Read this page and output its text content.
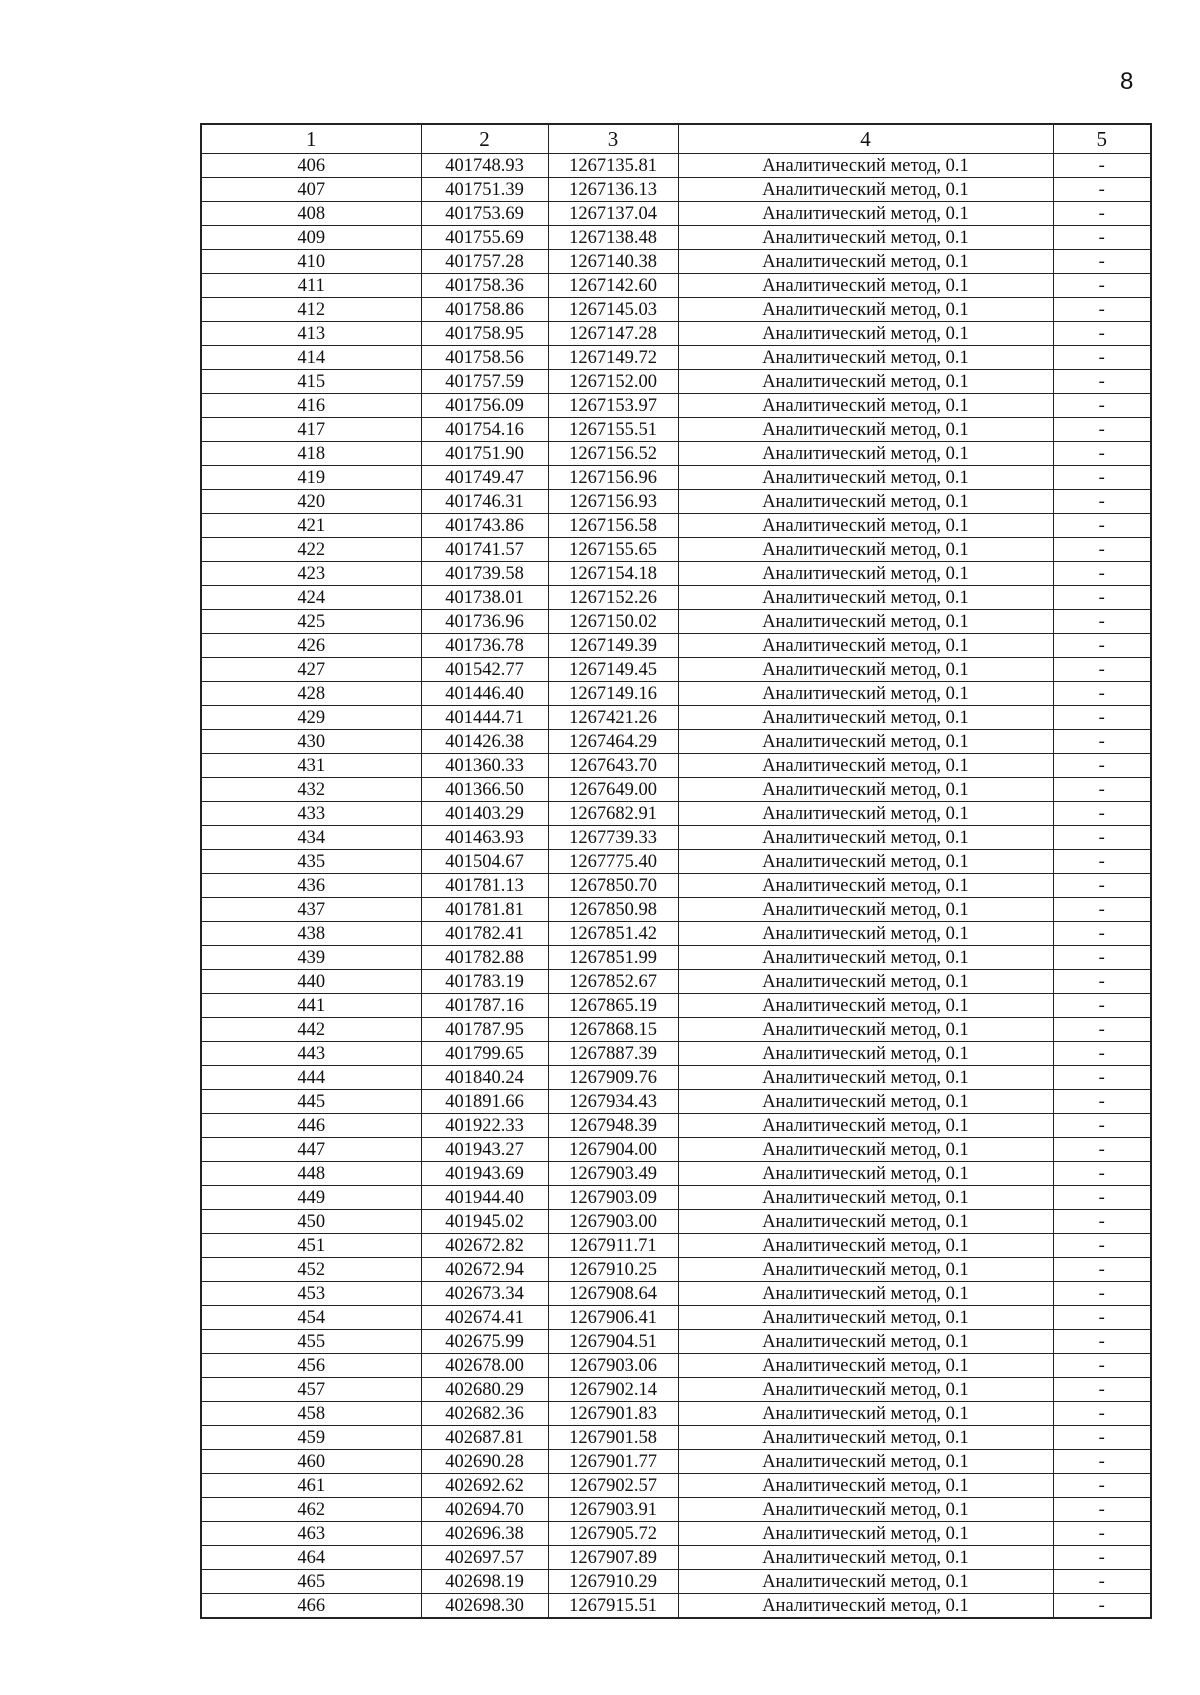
8
1	2	3	4	5
406	401748.93	1267135.81	Аналитический метод, 0.1	-
407	401751.39	1267136.13	Аналитический метод, 0.1	-
408	401753.69	1267137.04	Аналитический метод, 0.1	-
409	401755.69	1267138.48	Аналитический метод, 0.1	-
410	401757.28	1267140.38	Аналитический метод, 0.1	-
411	401758.36	1267142.60	Аналитический метод, 0.1	-
412	401758.86	1267145.03	Аналитический метод, 0.1	-
413	401758.95	1267147.28	Аналитический метод, 0.1	-
414	401758.56	1267149.72	Аналитический метод, 0.1	-
415	401757.59	1267152.00	Аналитический метод, 0.1	-
416	401756.09	1267153.97	Аналитический метод, 0.1	-
417	401754.16	1267155.51	Аналитический метод, 0.1	-
418	401751.90	1267156.52	Аналитический метод, 0.1	-
419	401749.47	1267156.96	Аналитический метод, 0.1	-
420	401746.31	1267156.93	Аналитический метод, 0.1	-
421	401743.86	1267156.58	Аналитический метод, 0.1	-
422	401741.57	1267155.65	Аналитический метод, 0.1	-
423	401739.58	1267154.18	Аналитический метод, 0.1	-
424	401738.01	1267152.26	Аналитический метод, 0.1	-
425	401736.96	1267150.02	Аналитический метод, 0.1	-
426	401736.78	1267149.39	Аналитический метод, 0.1	-
427	401542.77	1267149.45	Аналитический метод, 0.1	-
428	401446.40	1267149.16	Аналитический метод, 0.1	-
429	401444.71	1267421.26	Аналитический метод, 0.1	-
430	401426.38	1267464.29	Аналитический метод, 0.1	-
431	401360.33	1267643.70	Аналитический метод, 0.1	-
432	401366.50	1267649.00	Аналитический метод, 0.1	-
433	401403.29	1267682.91	Аналитический метод, 0.1	-
434	401463.93	1267739.33	Аналитический метод, 0.1	-
435	401504.67	1267775.40	Аналитический метод, 0.1	-
436	401781.13	1267850.70	Аналитический метод, 0.1	-
437	401781.81	1267850.98	Аналитический метод, 0.1	-
438	401782.41	1267851.42	Аналитический метод, 0.1	-
439	401782.88	1267851.99	Аналитический метод, 0.1	-
440	401783.19	1267852.67	Аналитический метод, 0.1	-
441	401787.16	1267865.19	Аналитический метод, 0.1	-
442	401787.95	1267868.15	Аналитический метод, 0.1	-
443	401799.65	1267887.39	Аналитический метод, 0.1	-
444	401840.24	1267909.76	Аналитический метод, 0.1	-
445	401891.66	1267934.43	Аналитический метод, 0.1	-
446	401922.33	1267948.39	Аналитический метод, 0.1	-
447	401943.27	1267904.00	Аналитический метод, 0.1	-
448	401943.69	1267903.49	Аналитический метод, 0.1	-
449	401944.40	1267903.09	Аналитический метод, 0.1	-
450	401945.02	1267903.00	Аналитический метод, 0.1	-
451	402672.82	1267911.71	Аналитический метод, 0.1	-
452	402672.94	1267910.25	Аналитический метод, 0.1	-
453	402673.34	1267908.64	Аналитический метод, 0.1	-
454	402674.41	1267906.41	Аналитический метод, 0.1	-
455	402675.99	1267904.51	Аналитический метод, 0.1	-
456	402678.00	1267903.06	Аналитический метод, 0.1	-
457	402680.29	1267902.14	Аналитический метод, 0.1	-
458	402682.36	1267901.83	Аналитический метод, 0.1	-
459	402687.81	1267901.58	Аналитический метод, 0.1	-
460	402690.28	1267901.77	Аналитический метод, 0.1	-
461	402692.62	1267902.57	Аналитический метод, 0.1	-
462	402694.70	1267903.91	Аналитический метод, 0.1	-
463	402696.38	1267905.72	Аналитический метод, 0.1	-
464	402697.57	1267907.89	Аналитический метод, 0.1	-
465	402698.19	1267910.29	Аналитический метод, 0.1	-
466	402698.30	1267915.51	Аналитический метод, 0.1	-
